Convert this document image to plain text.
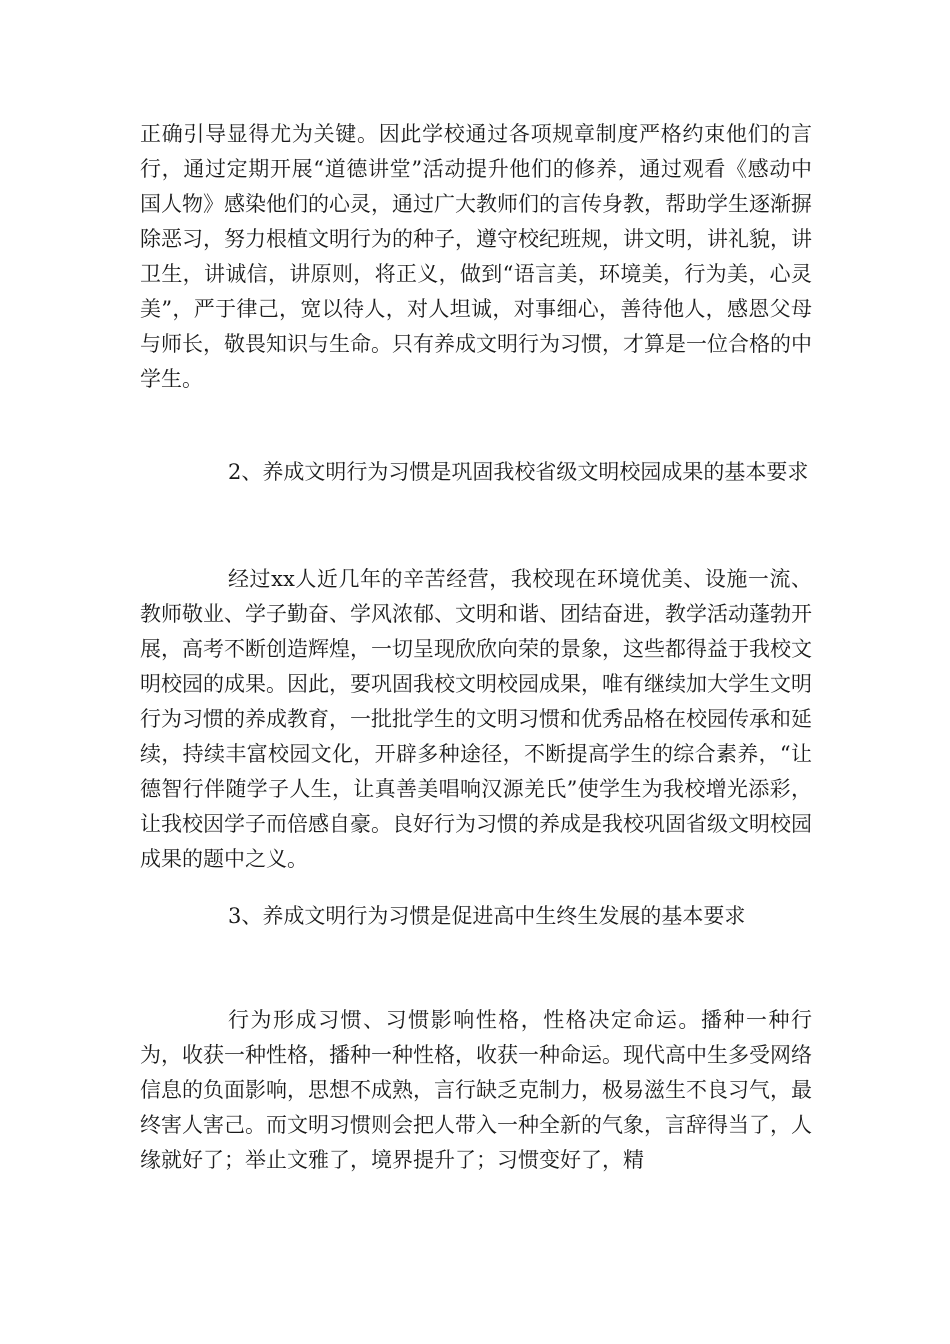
正确引导显得尤为关键。因此学校通过各项规章制度严格约束他们的言行，通过定期开展“道德讲堂”活动提升他们的修养，通过观看《感动中国人物》感染他们的心灵，通过广大教师们的言传身教，帮助学生逐渐摒除恶习，努力根植文明行为的种子，遵守校纪班规，讲文明，讲礼貌，讲卫生，讲诚信，讲原则，将正义，做到“语言美，环境美，行为美，心灵美”，严于律己，宽以待人，对人坦诚，对事细心，善待他人，感恩父母与师长，敬畏知识与生命。只有养成文明行为习惯，才算是一位合格的中学生。

2、养成文明行为习惯是巩固我校省级文明校园成果的基本要求

经过xx人近几年的辛苦经营，我校现在环境优美、设施一流、教师敬业、学子勤奋、学风浓郁、文明和谐、团结奋进，教学活动蓬勃开展，高考不断创造辉煌，一切呈现欣欣向荣的景象，这些都得益于我校文明校园的成果。因此，要巩固我校文明校园成果，唯有继续加大学生文明行为习惯的养成教育，一批批学生的文明习惯和优秀品格在校园传承和延续，持续丰富校园文化，开辟多种途径，不断提高学生的综合素养，“让德智行伴随学子人生，让真善美唱响汉源羌氏”使学生为我校增光添彩，让我校因学子而倍感自豪。良好行为习惯的养成是我校巩固省级文明校园成果的题中之义。

3、养成文明行为习惯是促进高中生终生发展的基本要求

行为形成习惯、习惯影响性格，性格决定命运。播种一种行为，收获一种性格，播种一种性格，收获一种命运。现代高中生多受网络信息的负面影响，思想不成熟，言行缺乏克制力，极易滋生不良习气，最终害人害己。而文明习惯则会把人带入一种全新的气象，言辞得当了，人缘就好了；举止文雅了，境界提升了；习惯变好了，精
